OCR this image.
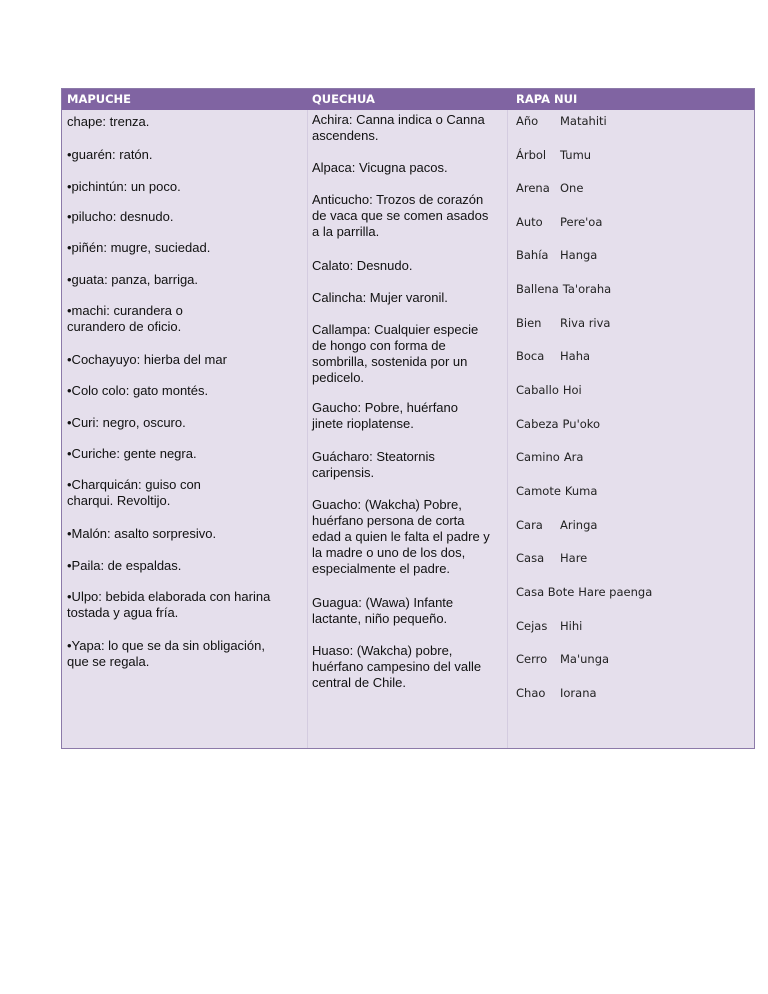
MAPUCHE	QUECHUA	RAPA NUI
chape: trenza.
•guarén: ratón.
•pichintún: un poco.
•pilucho: desnudo.
•piñén: mugre, suciedad.
•guata: panza, barriga.
•machi: curandera o
curandero de oficio.
•Cochayuyo: hierba del mar
•Colo colo: gato montés.
•Curi: negro, oscuro.
•Curiche: gente negra.
•Charquicán: guiso con
charqui. Revoltijo.
•Malón: asalto sorpresivo.
•Paila: de espaldas.
•Ulpo: bebida elaborada con harina
tostada y agua fría.
•Yapa: lo que se da sin obligación,
que se regala.
Achira: Canna indica o Canna
ascendens.
Alpaca: Vicugna pacos.
Anticucho: Trozos de corazón
de vaca que se comen asados
a la parrilla.
Calato: Desnudo.
Calincha: Mujer varonil.
Callampa: Cualquier especie
de hongo con forma de
sombrilla, sostenida por un
pedicelo.
Gaucho: Pobre, huérfano
jinete rioplatense.
Guácharo: Steatornis
caripensis.
Guacho: (Wakcha) Pobre,
huérfano persona de corta
edad a quien le falta el padre y
la madre o uno de los dos,
especialmente el padre.
Guagua: (Wawa) Infante
lactante, niño pequeño.
Huaso: (Wakcha) pobre,
huérfano campesino del valle
central de Chile.
Año Matahiti
Árbol Tumu
Arena One
Auto Pere'oa
Bahía Hanga
Ballena Ta'oraha
Bien Riva riva
Boca Haha
Caballo Hoi
Cabeza Pu'oko
Camino Ara
Camote Kuma
Cara Aringa
Casa Hare
Casa Bote Hare paenga
Cejas Hihi
Cerro Ma'unga
Chao Iorana
